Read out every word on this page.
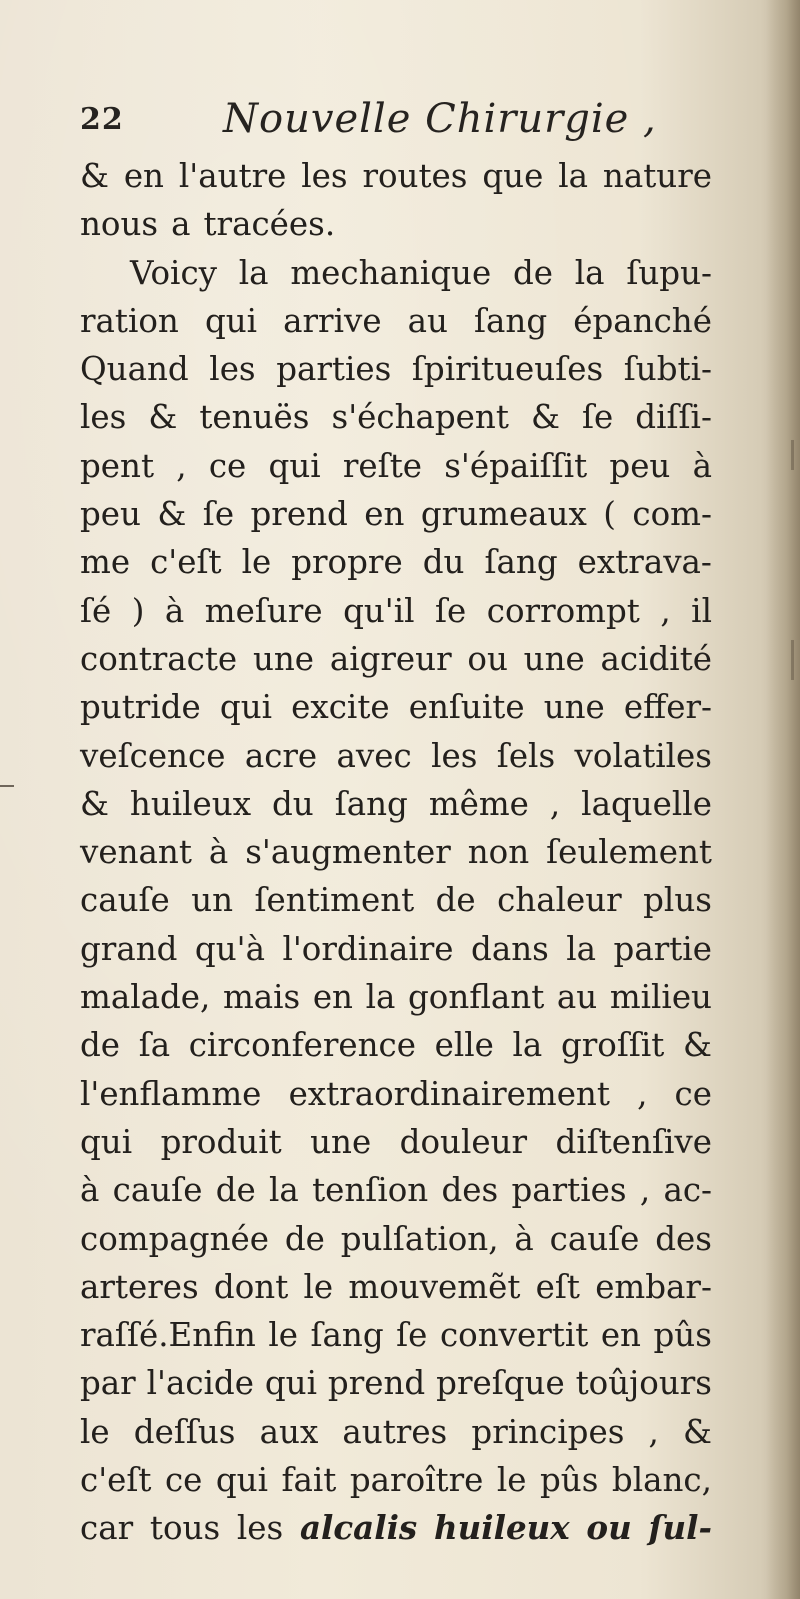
22 Nouvelle Chirurgie ,
& en l'autre les routes que la nature
nous a tracées.
Voicy la mechanique de la ſupu-
ration qui arrive au ſang épanché
Quand les parties ſpiritueuſes ſubti-
les & tenuës s'échapent & ſe diſſi-
pent , ce qui reſte s'épaiſſit peu à
peu & ſe prend en grumeaux ( com-
me c'eſt le propre du ſang extrava-
ſé ) à meſure qu'il ſe corrompt , il
contracte une aigreur ou une acidité
putride qui excite enſuite une effer-
veſcence acre avec les ſels volatiles
& huileux du ſang même , laquelle
venant à s'augmenter non ſeulement
cauſe un ſentiment de chaleur plus
grand qu'à l'ordinaire dans la partie
malade, mais en la gonflant au milieu
de ſa circonference elle la groſſit &
l'enflamme extraordinairement , ce
qui produit une douleur diſtenſive
à cauſe de la tenſion des parties , ac-
compagnée de pulſation, à cauſe des
arteres dont le mouvemẽt eſt embar-
raſſé.Enfin le ſang ſe convertit en pûs
par l'acide qui prend preſque toûjours
le deſſus aux autres principes , &
c'eſt ce qui fait paroître le pûs blanc,
car tous les alcalis huileux ou ſul-
